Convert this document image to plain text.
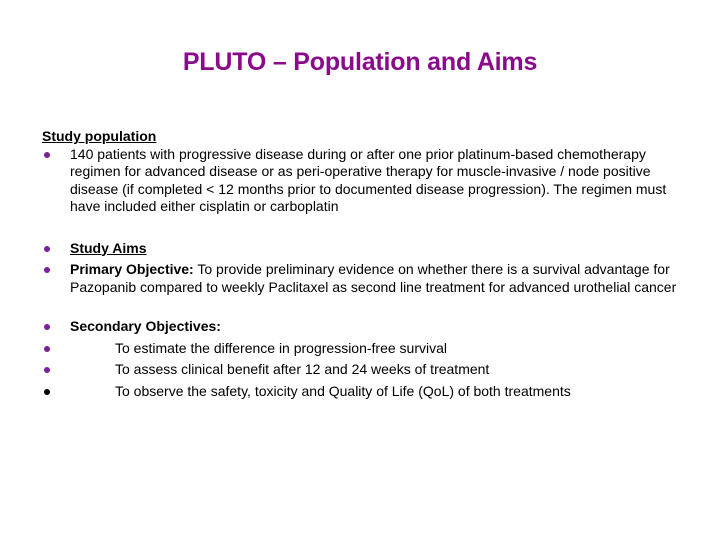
PLUTO – Population and Aims
Study population
140 patients with progressive disease during or after one prior platinum-based chemotherapy regimen for advanced disease or as peri-operative therapy for muscle-invasive / node positive disease (if completed < 12 months prior to documented disease progression). The regimen must have included either cisplatin or carboplatin
Study Aims
Primary Objective: To provide preliminary evidence on whether there is a survival advantage for Pazopanib compared to weekly Paclitaxel as second line treatment for advanced urothelial cancer
Secondary Objectives:
To estimate the difference in progression-free survival
To assess clinical benefit after 12 and 24 weeks of treatment
To observe the safety, toxicity and Quality of Life (QoL) of both treatments
